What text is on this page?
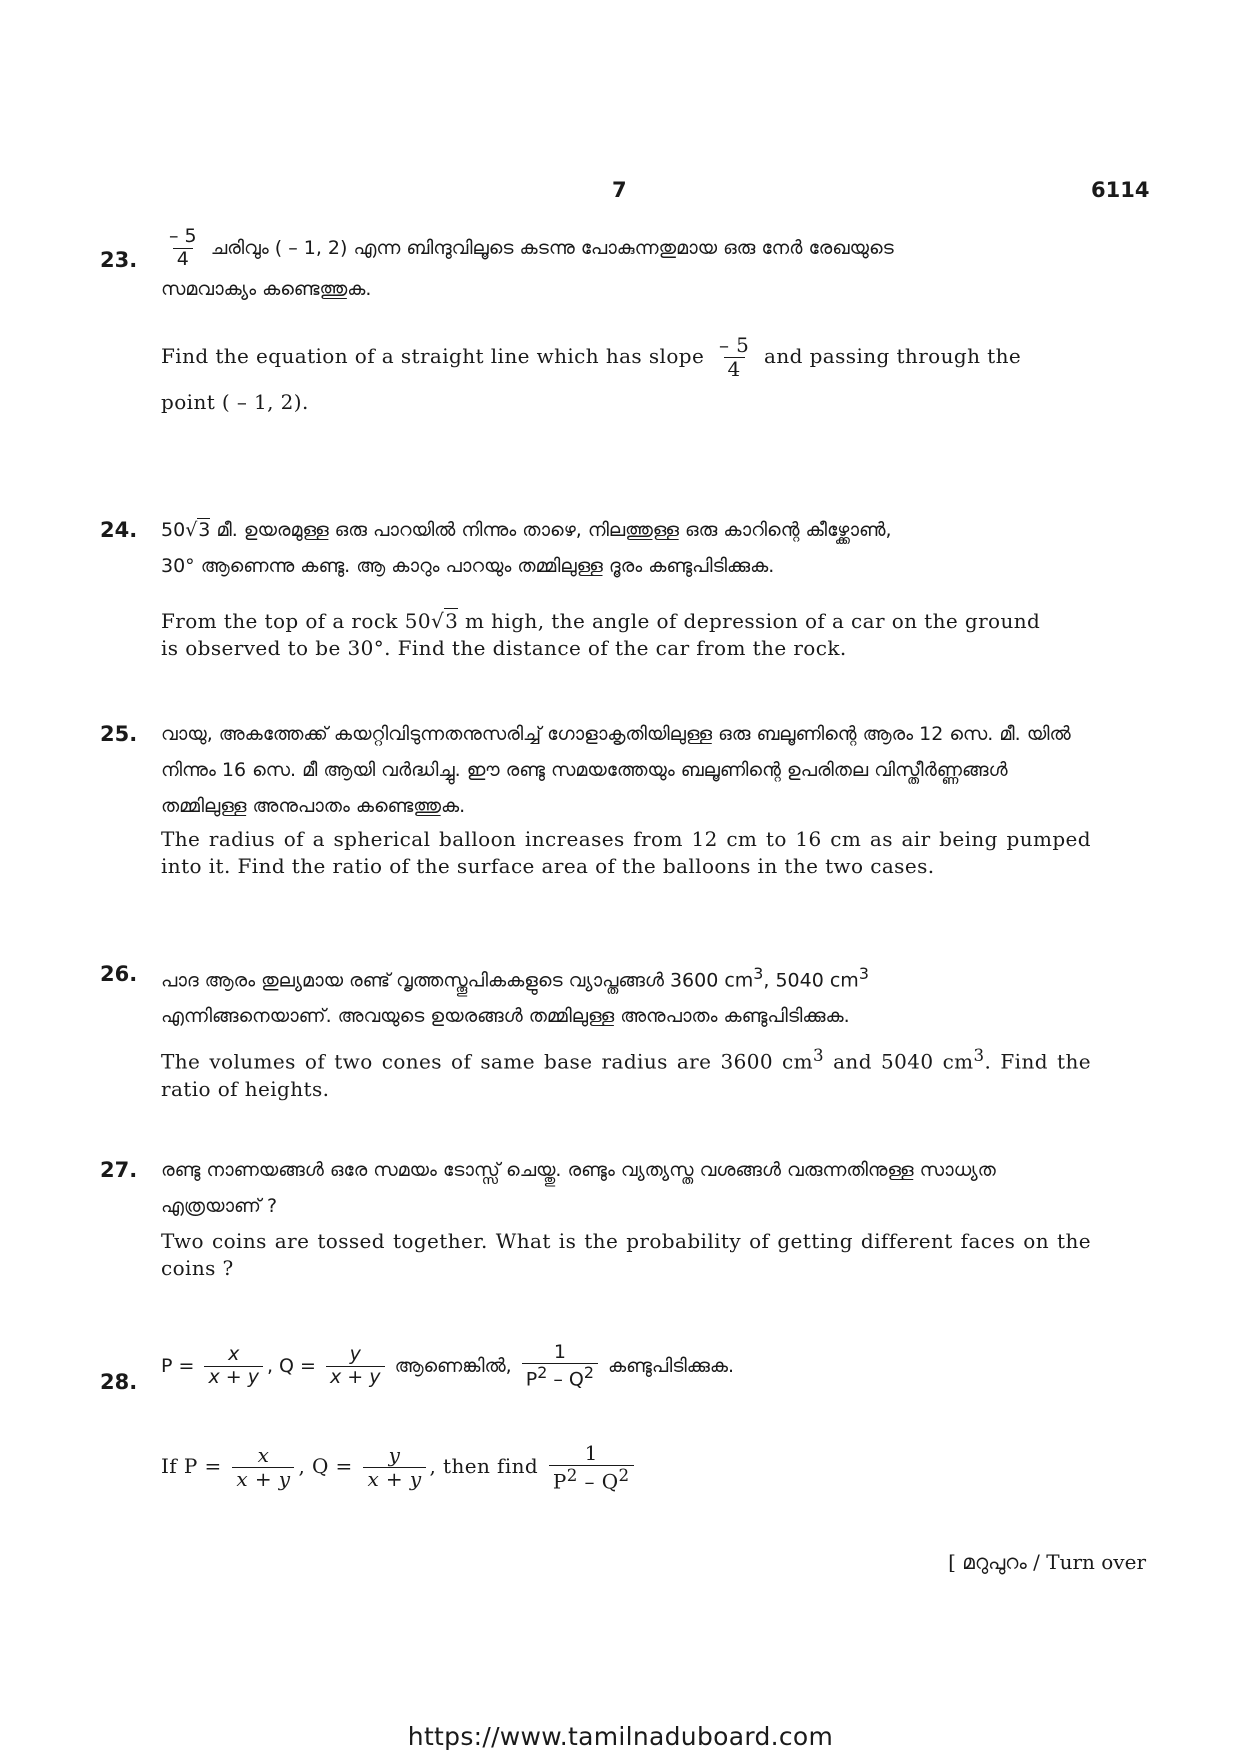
7	6114
23. $\frac{- 5}{4}$ ചരിവും ( – 1, 2) എന്ന ബിന്ദുവിലൂടെ കടന്നു പോകുന്നതുമായ ഒരു നേർ രേഖയുടെ
സമവാക്യം കണ്ടെത്തുക.
Find the equation of a straight line which has slope $\frac{- 5}{4}$ and passing through the
point ( – 1, 2).
24. 50√3 മീ. ഉയരമുള്ള ഒരു പാറയിൽ നിന്നും താഴെ, നിലത്തുള്ള ഒരു കാറിന്റെ കീഴ്ക്കോൺ,
30° ആണെന്നു കണ്ടു. ആ കാറും പാറയും തമ്മിലുള്ള ദൂരം കണ്ടുപിടിക്കുക.
From the top of a rock 50√3 m high, the angle of depression of a car on the ground
is observed to be 30°. Find the distance of the car from the rock.
25. വായു, അകത്തേക്ക് കയറ്റിവിടുന്നതനുസരിച്ച് ഗോളാകൃതിയിലുള്ള ഒരു ബലൂണിന്റെ ആരം 12 സെ. മീ. യിൽ നിന്നും 16 സെ. മീ ആയി വർദ്ധിച്ചു. ഈ രണ്ടു സമയത്തേയും ബലൂണിന്റെ ഉപരിതല വിസ്തീർണ്ണങ്ങൾ തമ്മിലുള്ള അനുപാതം കണ്ടെത്തുക.
The radius of a spherical balloon increases from 12 cm to 16 cm as air being pumped into it. Find the ratio of the surface area of the balloons in the two cases.
26. പാദ ആരം തുല്യമായ രണ്ട് വൃത്തസ്തൂപികകളുടെ വ്യാപ്തങ്ങൾ 3600 $cm^3$, 5040 $cm^3$
എന്നിങ്ങനെയാണ്. അവയുടെ ഉയരങ്ങൾ തമ്മിലുള്ള അനുപാതം കണ്ടുപിടിക്കുക.
The volumes of two cones of same base radius are 3600 $cm^3$ and 5040 $cm^3$. Find the ratio of heights.
27. രണ്ടു നാണയങ്ങൾ ഒരേ സമയം ടോസ്സ് ചെയ്തു. രണ്ടും വ്യത്യസ്ത വശങ്ങൾ വരുന്നതിനുള്ള സാധ്യത എത്രയാണ് ?
Two coins are tossed together. What is the probability of getting different faces on the coins ?
28.
$P = \frac{x}{x + y}$ , $Q = \frac{y}{x + y}$ ആണെങ്കിൽ, $\frac{1}{P^2 - Q^2}$ കണ്ടുപിടിക്കുക.
If $P = \frac{x}{x + y}$ , $Q = \frac{y}{x + y}$ , then find $\frac{1}{P^2 - Q^2}$
[ മറുപുറം / Turn over
https://www.tamilnaduboard.com
